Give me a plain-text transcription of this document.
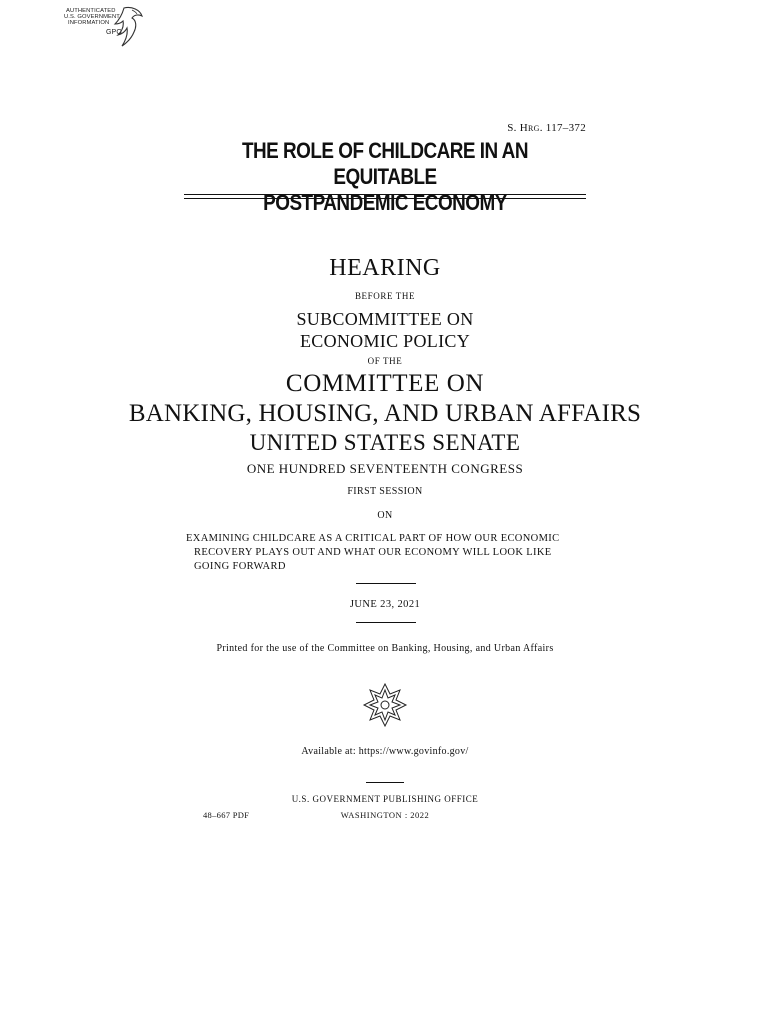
AUTHENTICATED
U.S. GOVERNMENT
INFORMATION
GPO
S. Hrg. 117–372
THE ROLE OF CHILDCARE IN AN EQUITABLE
POSTPANDEMIC ECONOMY
HEARING
BEFORE THE
SUBCOMMITTEE ON
ECONOMIC POLICY
OF THE
COMMITTEE ON
BANKING, HOUSING, AND URBAN AFFAIRS
UNITED STATES SENATE
ONE HUNDRED SEVENTEENTH CONGRESS
FIRST SESSION
ON
EXAMINING CHILDCARE AS A CRITICAL PART OF HOW OUR ECONOMIC
RECOVERY PLAYS OUT AND WHAT OUR ECONOMY WILL LOOK LIKE
GOING FORWARD
JUNE 23, 2021
Printed for the use of the Committee on Banking, Housing, and Urban Affairs
Available at: https://www.govinfo.gov/
U.S. GOVERNMENT PUBLISHING OFFICE
48–667 PDF	WASHINGTON : 2022
